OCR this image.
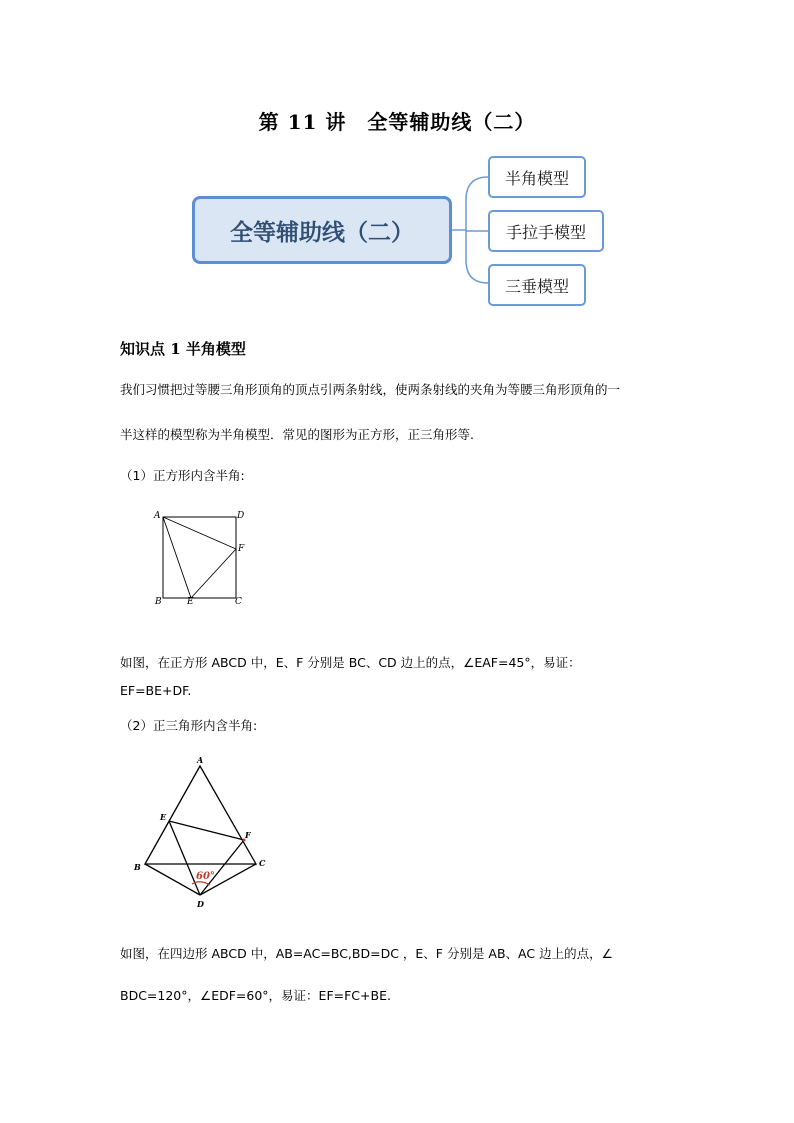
第 11 讲　全等辅助线（二）
全等辅助线（二）
半角模型
手拉手模型
三垂模型
知识点 1 半角模型
我们习惯把过等腰三角形顶角的顶点引两条射线，使两条射线的夹角为等腰三角形顶角的一
半这样的模型称为半角模型．常见的图形为正方形，正三角形等.
（1）正方形内含半角:
A	D
F
B	E	C
如图，在正方形 ABCD 中，E、F 分别是 BC、CD 边上的点，∠EAF=45°，易证：
EF=BE+DF.
（2）正三角形内含半角:
60°
A
E
F
B	C
D
如图，在四边形 ABCD 中，AB=AC=BC,BD=DC ，E、F 分别是 AB、AC 边上的点，∠
BDC=120°，∠EDF=60°，易证：EF=FC+BE.
